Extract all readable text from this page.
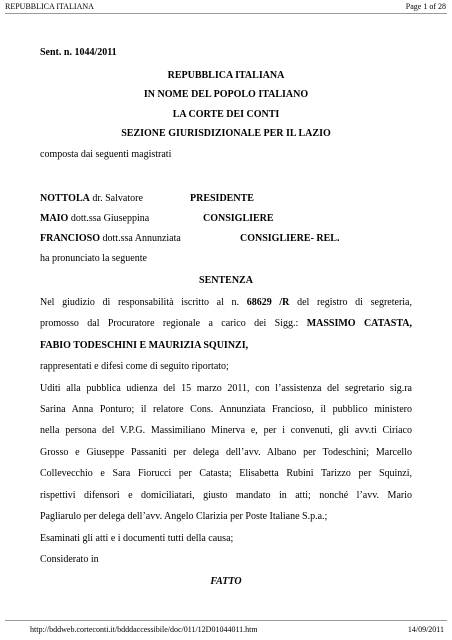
REPUBBLICA ITALIANA	Page 1 of 28
Sent. n. 1044/2011
REPUBBLICA ITALIANA
IN NOME DEL POPOLO ITALIANO
LA CORTE DEI CONTI
SEZIONE GIURISDIZIONALE PER IL LAZIO
composta dai seguenti magistrati
NOTTOLA dr. Salvatore	PRESIDENTE
MAIO dott.ssa Giuseppina	CONSIGLIERE
FRANCIOSO dott.ssa Annunziata	CONSIGLIERE- REL.
ha pronunciato la seguente
SENTENZA
Nel giudizio di responsabilità iscritto al n. 68629 /R del registro di segreteria,
promosso dal Procuratore regionale a carico dei Sigg.: MASSIMO CATASTA,
FABIO TODESCHINI E MAURIZIA SQUINZI,
rappresentati e difesi come di seguito riportato;
Uditi alla pubblica udienza del 15 marzo 2011, con l’assistenza del segretario sig.ra
Sarina Anna Ponturo; il relatore Cons. Annunziata Francioso, il pubblico ministero
nella persona del V.P.G. Massimiliano Minerva e, per i convenuti, gli avv.ti Ciriaco
Grosso e Giuseppe Passaniti per delega dell’avv. Albano per Todeschini; Marcello
Collevecchio e Sara Fiorucci per Catasta; Elisabetta Rubini Tarizzo per Squinzi,
rispettivi difensori e domiciliatari, giusto mandato in atti; nonché l’avv. Mario
Pagliarulo per delega dell’avv. Angelo Clarizia per Poste Italiane S.p.a.;
Esaminati gli atti e i documenti tutti della causa;
Considerato in
FATTO
http://bddweb.corteconti.it/bdddaccessibile/doc/011/12D01044011.htm	14/09/2011
